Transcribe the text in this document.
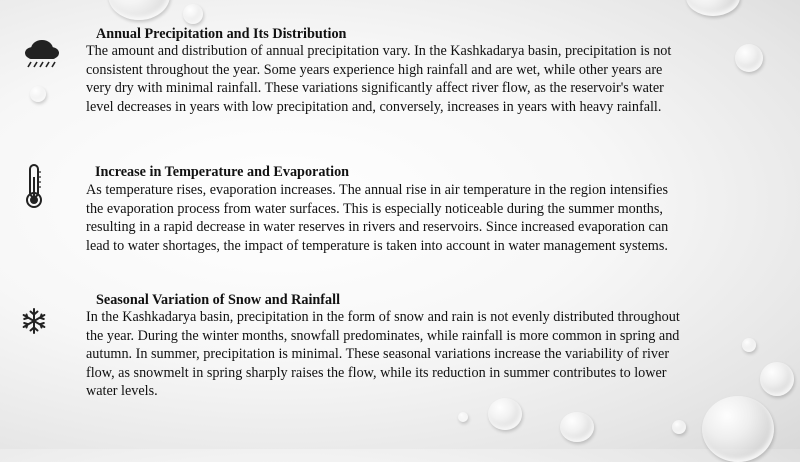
Annual Precipitation and Its Distribution

The amount and distribution of annual precipitation vary. In the Kashkadarya basin, precipitation is not consistent throughout the year. Some years experience high rainfall and are wet, while other years are very dry with minimal rainfall. These variations significantly affect river flow, as the reservoir's water level decreases in years with low precipitation and, conversely, increases in years with heavy rainfall.

Increase in Temperature and Evaporation

As temperature rises, evaporation increases. The annual rise in air temperature in the region intensifies the evaporation process from water surfaces. This is especially noticeable during the summer months, resulting in a rapid decrease in water reserves in rivers and reservoirs. Since increased evaporation can lead to water shortages, the impact of temperature is taken into account in water management systems.

Seasonal Variation of Snow and Rainfall

In the Kashkadarya basin, precipitation in the form of snow and rain is not evenly distributed throughout the year. During the winter months, snowfall predominates, while rainfall is more common in spring and autumn. In summer, precipitation is minimal. These seasonal variations increase the variability of river flow, as snowmelt in spring sharply raises the flow, while its reduction in summer contributes to lower water levels.
